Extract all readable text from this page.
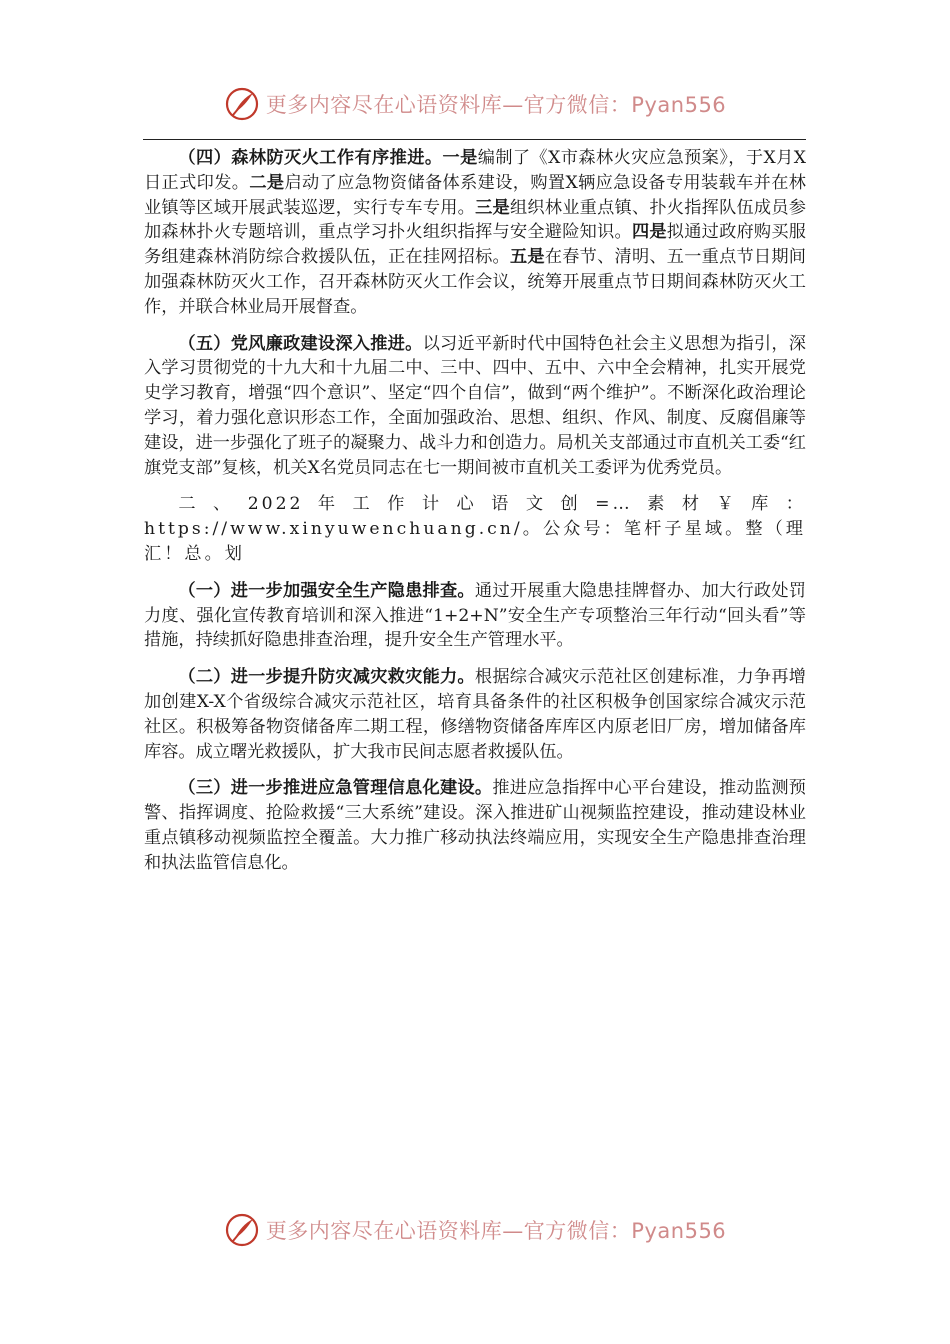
更多内容尽在心语资料库—官方微信：Pyan556

（四）森林防灭火工作有序推进。一是编制了《X市森林火灾应急预案》，于X月X日正式印发。二是启动了应急物资储备体系建设，购置X辆应急设备专用装载车并在林业镇等区域开展武装巡逻，实行专车专用。三是组织林业重点镇、扑火指挥队伍成员参加森林扑火专题培训，重点学习扑火组织指挥与安全避险知识。四是拟通过政府购买服务组建森林消防综合救援队伍，正在挂网招标。五是在春节、清明、五一重点节日期间加强森林防灭火工作，召开森林防灭火工作会议，统筹开展重点节日期间森林防灭火工作，并联合林业局开展督查。

（五）党风廉政建设深入推进。以习近平新时代中国特色社会主义思想为指引，深入学习贯彻党的十九大和十九届二中、三中、四中、五中、六中全会精神，扎实开展党史学习教育，增强“四个意识”、坚定“四个自信”，做到“两个维护”。不断深化政治理论学习，着力强化意识形态工作，全面加强政治、思想、组织、作风、制度、反腐倡廉等建设，进一步强化了班子的凝聚力、战斗力和创造力。局机关支部通过市直机关工委“红旗党支部”复核，机关X名党员同志在七一期间被市直机关工委评为优秀党员。

二、2022年工作计心语文创=…素材￥库：https://www.xinyuwenchuang.cn/。公众号：笔杆子星域。整（理汇！总。划

（一）进一步加强安全生产隐患排查。通过开展重大隐患挂牌督办、加大行政处罚力度、强化宣传教育培训和深入推进“1+2+N”安全生产专项整治三年行动“回头看”等措施，持续抓好隐患排查治理，提升安全生产管理水平。

（二）进一步提升防灾减灾救灾能力。根据综合减灾示范社区创建标准，力争再增加创建X-X个省级综合减灾示范社区，培育具备条件的社区积极争创国家综合减灾示范社区。积极筹备物资储备库二期工程，修缮物资储备库库区内原老旧厂房，增加储备库库容。成立曙光救援队，扩大我市民间志愿者救援队伍。

（三）进一步推进应急管理信息化建设。推进应急指挥中心平台建设，推动监测预警、指挥调度、抢险救援“三大系统”建设。深入推进矿山视频监控建设，推动建设林业重点镇移动视频监控全覆盖。大力推广移动执法终端应用，实现安全生产隐患排查治理和执法监管信息化。

更多内容尽在心语资料库—官方微信：Pyan556
